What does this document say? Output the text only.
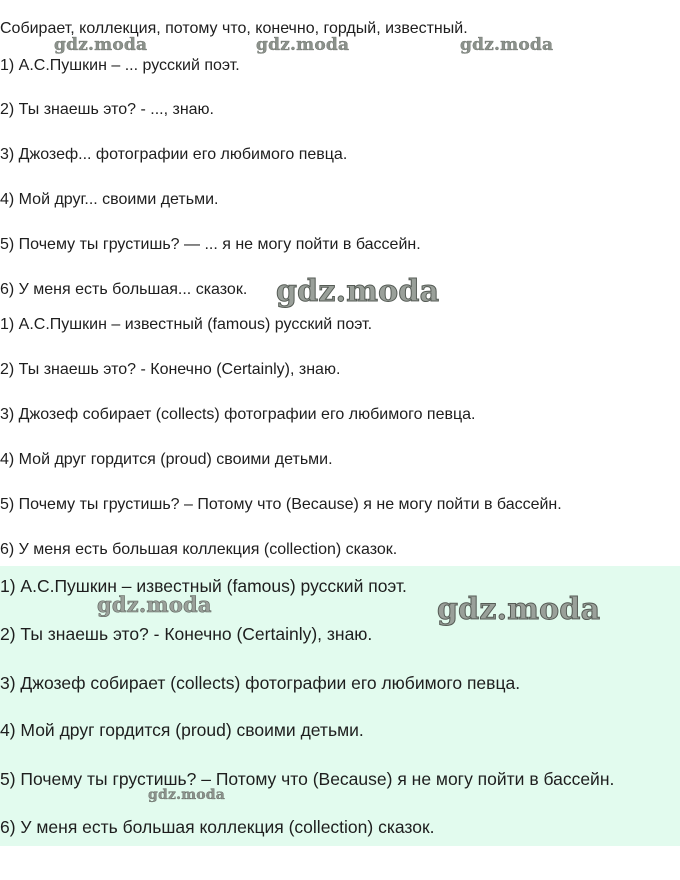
Собирает, коллекция, потому что, конечно, гордый, известный.
1) А.С.Пушкин – ... русский поэт.
2) Ты знаешь это? - ..., знаю.
3) Джозеф... фотографии его любимого певца.
4) Мой друг... своими детьми.
5) Почему ты грустишь? — ... я не могу пойти в бассейн.
6) У меня есть большая... сказок.
1) А.С.Пушкин – известный (famous) русский поэт.
2) Ты знаешь это? - Конечно (Certainly), знаю.
3) Джозеф собирает (collects) фотографии его любимого певца.
4) Мой друг гордится (proud) своими детьми.
5) Почему ты грустишь? – Потому что (Because) я не могу пойти в бассейн.
6) У меня есть большая коллекция (collection) сказок.
1) А.С.Пушкин – известный (famous) русский поэт.
2) Ты знаешь это? - Конечно (Certainly), знаю.
3) Джозеф собирает (collects) фотографии его любимого певца.
4) Мой друг гордится (proud) своими детьми.
5) Почему ты грустишь? – Потому что (Because) я не могу пойти в бассейн.
6) У меня есть большая коллекция (collection) сказок.
gdz.moda	gdz.moda	gdz.moda
gdz.moda
gdz.moda	gdz.moda
gdz.moda
